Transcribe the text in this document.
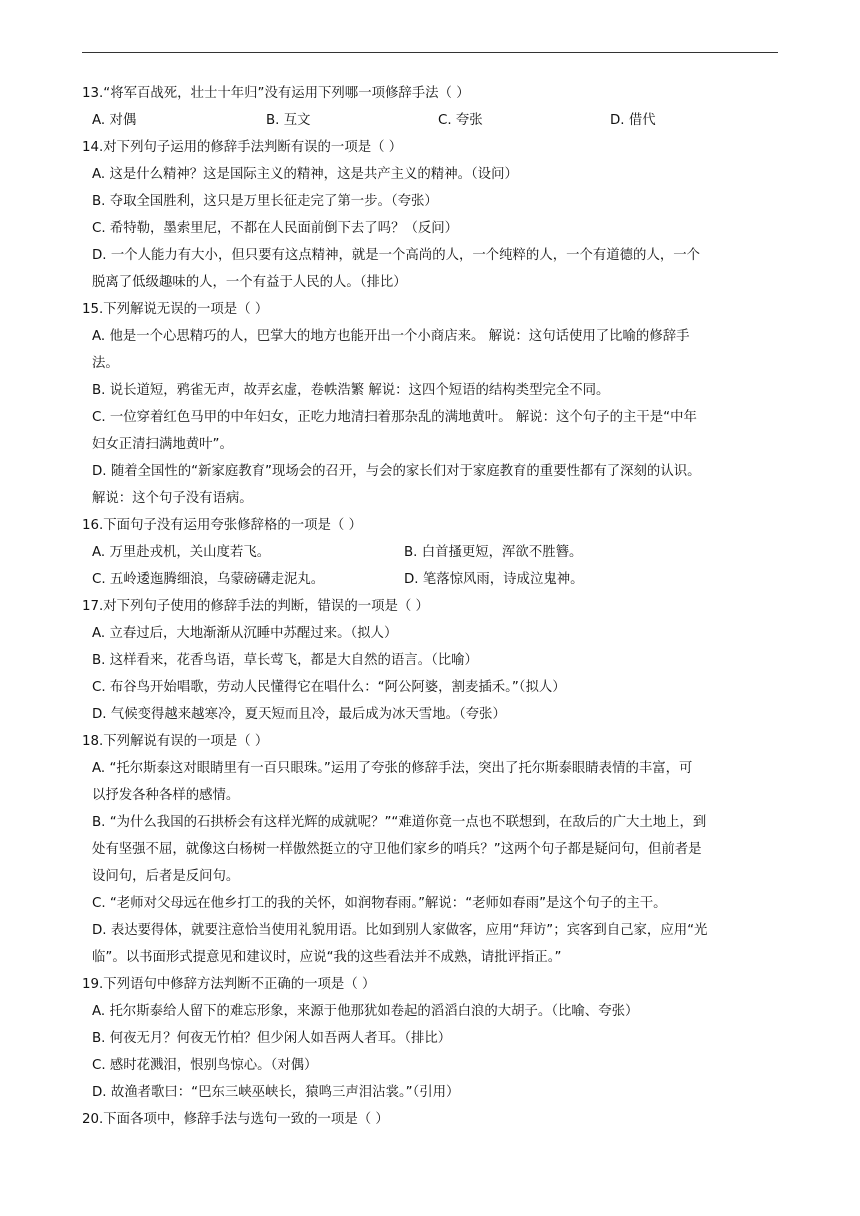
13.“将军百战死，壮士十年归”没有运用下列哪一项修辞手法（ ）
A. 对偶	B. 互文	C. 夸张	D. 借代
14.对下列句子运用的修辞手法判断有误的一项是（ ）
A. 这是什么精神？这是国际主义的精神，这是共产主义的精神。（设问）
B. 夺取全国胜利，这只是万里长征走完了第一步。（夸张）
C. 希特勒，墨索里尼，不都在人民面前倒下去了吗？（反问）
D. 一个人能力有大小，但只要有这点精神，就是一个高尚的人，一个纯粹的人，一个有道德的人，一个
脱离了低级趣味的人，一个有益于人民的人。（排比）
15.下列解说无误的一项是（ ）
A. 他是一个心思精巧的人，巴掌大的地方也能开出一个小商店来。 解说：这句话使用了比喻的修辞手
法。
B. 说长道短，鸦雀无声，故弄玄虚，卷帙浩繁 解说：这四个短语的结构类型完全不同。
C. 一位穿着红色马甲的中年妇女，正吃力地清扫着那杂乱的满地黄叶。 解说：这个句子的主干是“中年
妇女正清扫满地黄叶”。
D. 随着全国性的“新家庭教育”现场会的召开，与会的家长们对于家庭教育的重要性都有了深刻的认识。
解说：这个句子没有语病。
16.下面句子没有运用夸张修辞格的一项是（ ）
A. 万里赴戎机，关山度若飞。	B. 白首搔更短，浑欲不胜簪。
C. 五岭逶迤腾细浪，乌蒙磅礴走泥丸。	D. 笔落惊风雨，诗成泣鬼神。
17.对下列句子使用的修辞手法的判断，错误的一项是（ ）
A. 立春过后，大地渐渐从沉睡中苏醒过来。（拟人）
B. 这样看来，花香鸟语，草长莺飞，都是大自然的语言。（比喻）
C. 布谷鸟开始唱歌，劳动人民懂得它在唱什么：“阿公阿婆，割麦插禾。”（拟人）
D. 气候变得越来越寒冷，夏天短而且冷，最后成为冰天雪地。（夸张）
18.下列解说有误的一项是（ ）
A. “托尔斯泰这对眼睛里有一百只眼珠。”运用了夸张的修辞手法，突出了托尔斯泰眼睛表情的丰富，可
以抒发各种各样的感情。
B. “为什么我国的石拱桥会有这样光辉的成就呢？”“难道你竟一点也不联想到，在敌后的广大土地上，到
处有坚强不屈，就像这白杨树一样傲然挺立的守卫他们家乡的哨兵？”这两个句子都是疑问句，但前者是
设问句，后者是反问句。
C. “老师对父母远在他乡打工的我的关怀，如润物春雨。”解说：“老师如春雨”是这个句子的主干。
D. 表达要得体，就要注意恰当使用礼貌用语。比如到别人家做客，应用“拜访”；宾客到自己家，应用“光
临”。以书面形式提意见和建议时，应说“我的这些看法并不成熟，请批评指正。”
19.下列语句中修辞方法判断不正确的一项是（ ）
A. 托尔斯泰给人留下的难忘形象，来源于他那犹如卷起的滔滔白浪的大胡子。（比喻、夸张）
B. 何夜无月？何夜无竹柏？但少闲人如吾两人者耳。（排比）
C. 感时花溅泪，恨别鸟惊心。（对偶）
D. 故渔者歌曰：“巴东三峡巫峡长，猿鸣三声泪沾裳。”（引用）
20.下面各项中，修辞手法与选句一致的一项是（ ）
